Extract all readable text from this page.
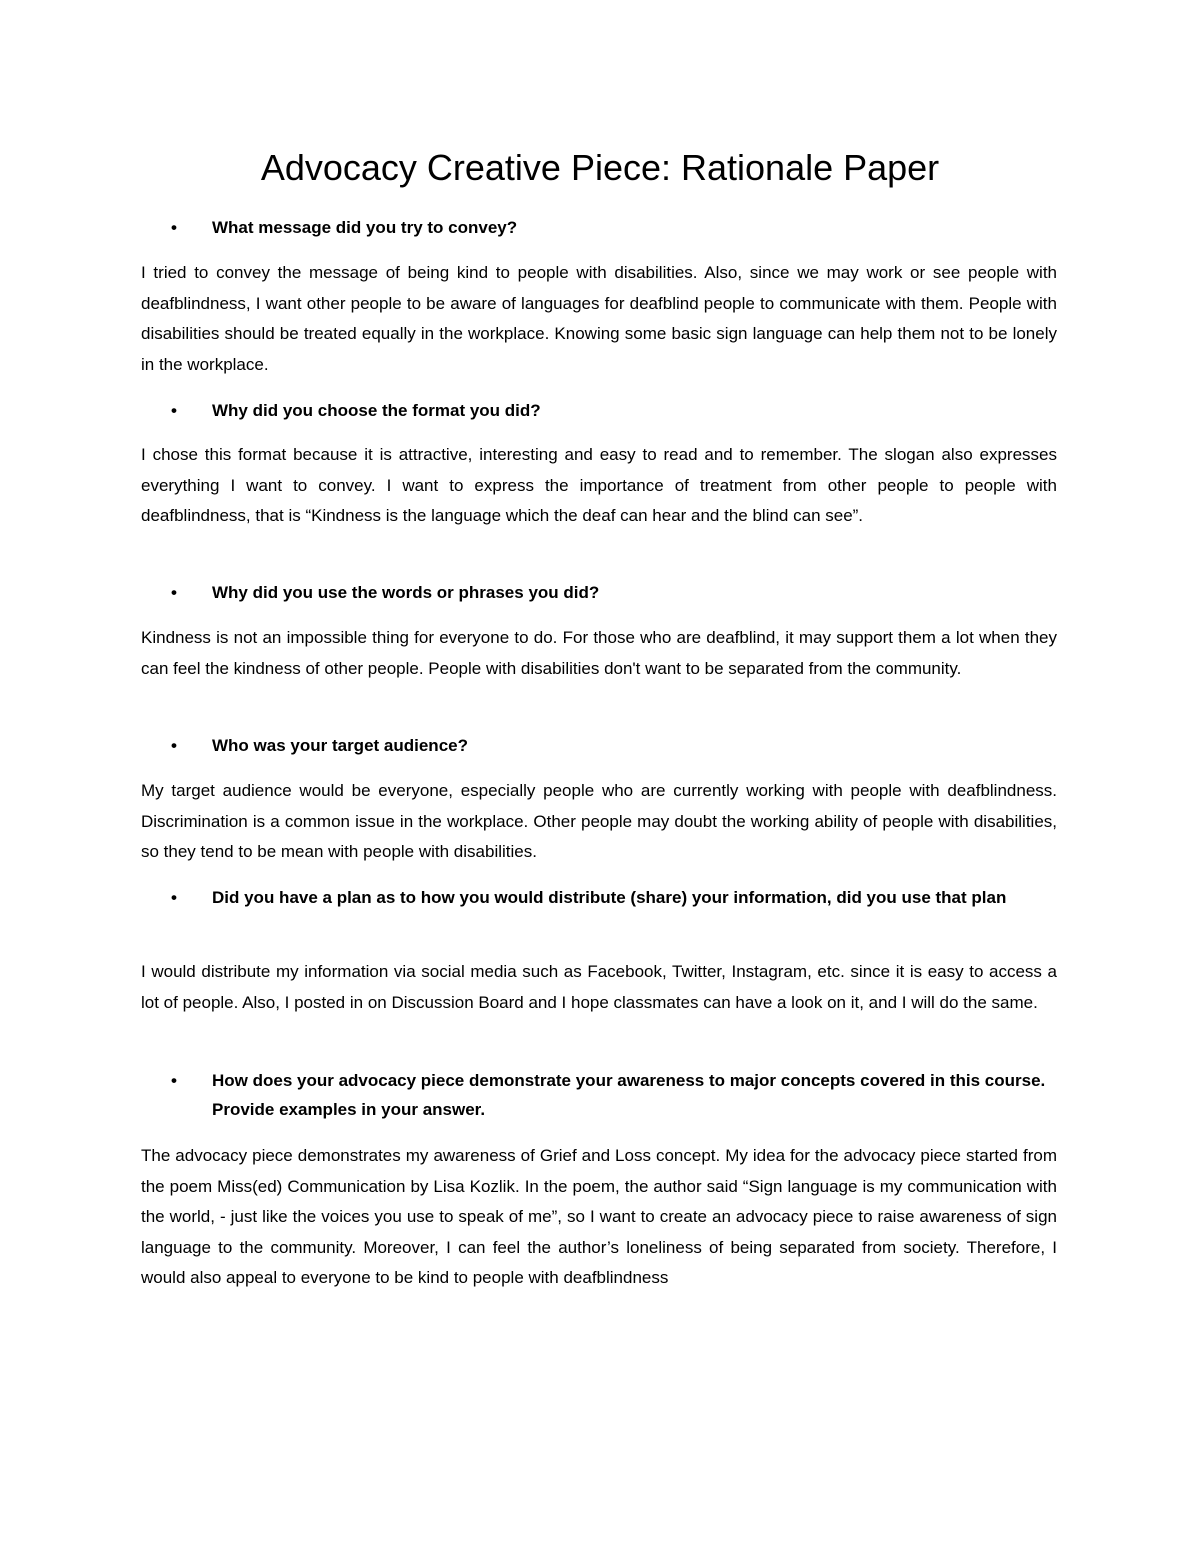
Advocacy Creative Piece: Rationale Paper
• What message did you try to convey?

I tried to convey the message of being kind to people with disabilities. Also, since we may work or see people with deafblindness, I want other people to be aware of languages for deafblind people to communicate with them. People with disabilities should be treated equally in the workplace. Knowing some basic sign language can help them not to be lonely in the workplace.

• Why did you choose the format you did?

I chose this format because it is attractive, interesting and easy to read and to remember. The slogan also expresses everything I want to convey. I want to express the importance of treatment from other people to people with deafblindness, that is “Kindness is the language which the deaf can hear and the blind can see”.

• Why did you use the words or phrases you did?

Kindness is not an impossible thing for everyone to do. For those who are deafblind, it may support them a lot when they can feel the kindness of other people. People with disabilities don't want to be separated from the community.

• Who was your target audience?

My target audience would be everyone, especially people who are currently working with people with deafblindness. Discrimination is a common issue in the workplace. Other people may doubt the working ability of people with disabilities, so they tend to be mean with people with disabilities.

• Did you have a plan as to how you would distribute (share) your information, did you use that plan

I would distribute my information via social media such as Facebook, Twitter, Instagram, etc. since it is easy to access a lot of people. Also, I posted in on Discussion Board and I hope classmates can have a look on it, and I will do the same.

• How does your advocacy piece demonstrate your awareness to major concepts covered in this course. Provide examples in your answer.

The advocacy piece demonstrates my awareness of Grief and Loss concept. My idea for the advocacy piece started from the poem Miss(ed) Communication by Lisa Kozlik. In the poem, the author said “Sign language is my communication with the world, - just like the voices you use to speak of me”, so I want to create an advocacy piece to raise awareness of sign language to the community. Moreover, I can feel the author’s loneliness of being separated from society. Therefore, I would also appeal to everyone to be kind to people with deafblindness
